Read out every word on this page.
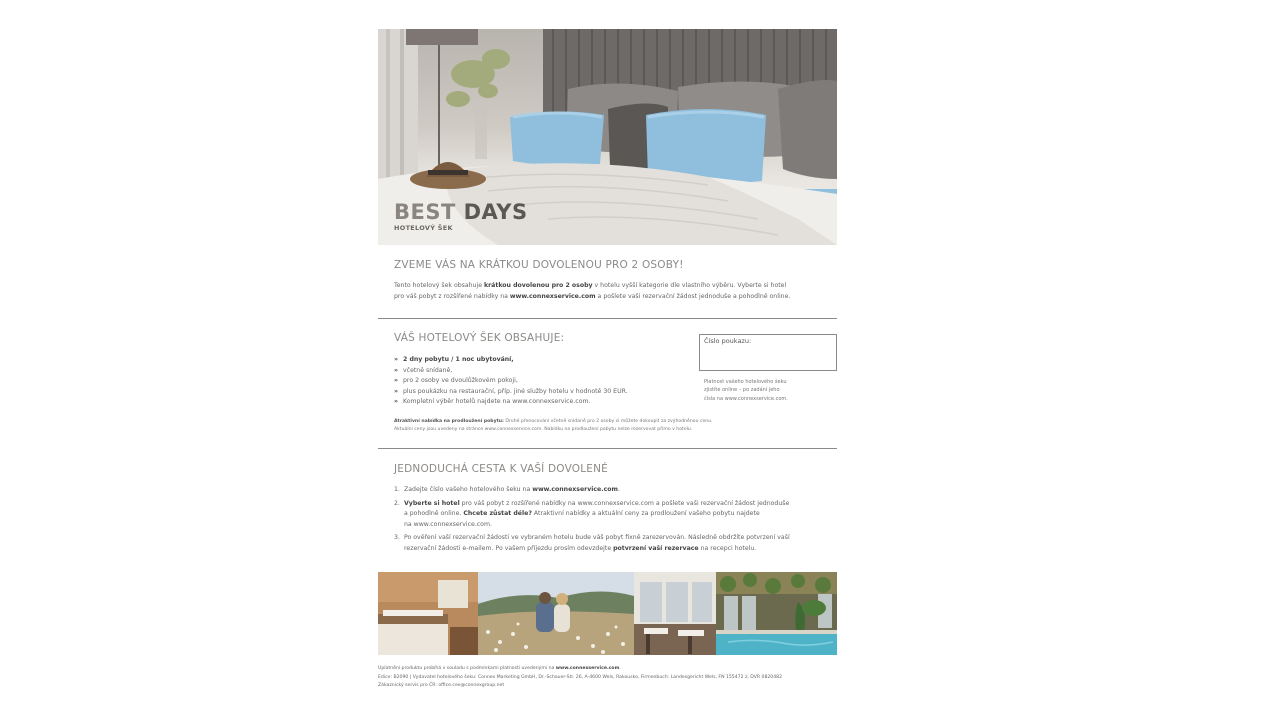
BEST DAYS
HOTELOVÝ ŠEK
ZVEME VÁS NA KRÁTKOU DOVOLENOU PRO 2 OSOBY!
Tento hotelový šek obsahuje krátkou dovolenou pro 2 osoby v hotelu vyšší kategorie dle vlastního výběru. Vyberte si hotel
pro váš pobyt z rozšířené nabídky na www.connexservice.com a pošlete vaši rezervační žádost jednoduše a pohodlně online.
VÁŠ HOTELOVÝ ŠEK OBSAHUJE:
» 2 dny pobytu / 1 noc ubytování,
» včetně snídaně,
» pro 2 osoby ve dvoulůžkovém pokoji,
» plus poukázku na restaurační, příp. jiné služby hotelu v hodnotě 30 EUR.
» Kompletní výběr hotelů najdete na www.connexservice.com.
Číslo poukazu:
Platnost vašeho hotelového šeku
zjistíte online – po zadání jeho
čísla na www.connexservice.com.
Atraktivní nabídka na prodloužení pobytu: Druhé přenocování včetně snídaně pro 2 osoby si můžete dokoupit za zvýhodněnou cenu.
Aktuální ceny jsou uvedeny na stránce www.connexservice.com. Nabídku na prodloužení pobytu nelze rezervovat přímo v hotelu.
JEDNODUCHÁ CESTA K VAŠÍ DOVOLENÉ
1. Zadejte číslo vašeho hotelového šeku na www.connexservice.com.
2. Vyberte si hotel pro váš pobyt z rozšířené nabídky na www.connexservice.com a pošlete vaši rezervační žádost jednoduše
a pohodlně online. Chcete zůstat déle? Atraktivní nabídky a aktuální ceny za prodloužení vašeho pobytu najdete
na www.connexservice.com.
3. Po ověření vaší rezervační žádosti ve vybraném hotelu bude váš pobyt fixně zarezervován. Následně obdržíte potvrzení vaší
rezervační žádosti e-mailem. Po vašem příjezdu prosím odevzdejte potvrzení vaší rezervace na recepci hotelu.
Uplatnění produktu probíhá v souladu s podmínkami platnosti uvedenými na www.connexservice.com.
Edice: B2090 | Vydavatel hotelového šeku: Connex Marketing GmbH, Dr.-Schauer-Str. 26, A-4600 Wels, Rakousko, Firmenbuch: Landesgericht Wels, FN 155472 z, DVR 0820482
Zákaznický servis pro ČR: office.cee@connexgroup.net
